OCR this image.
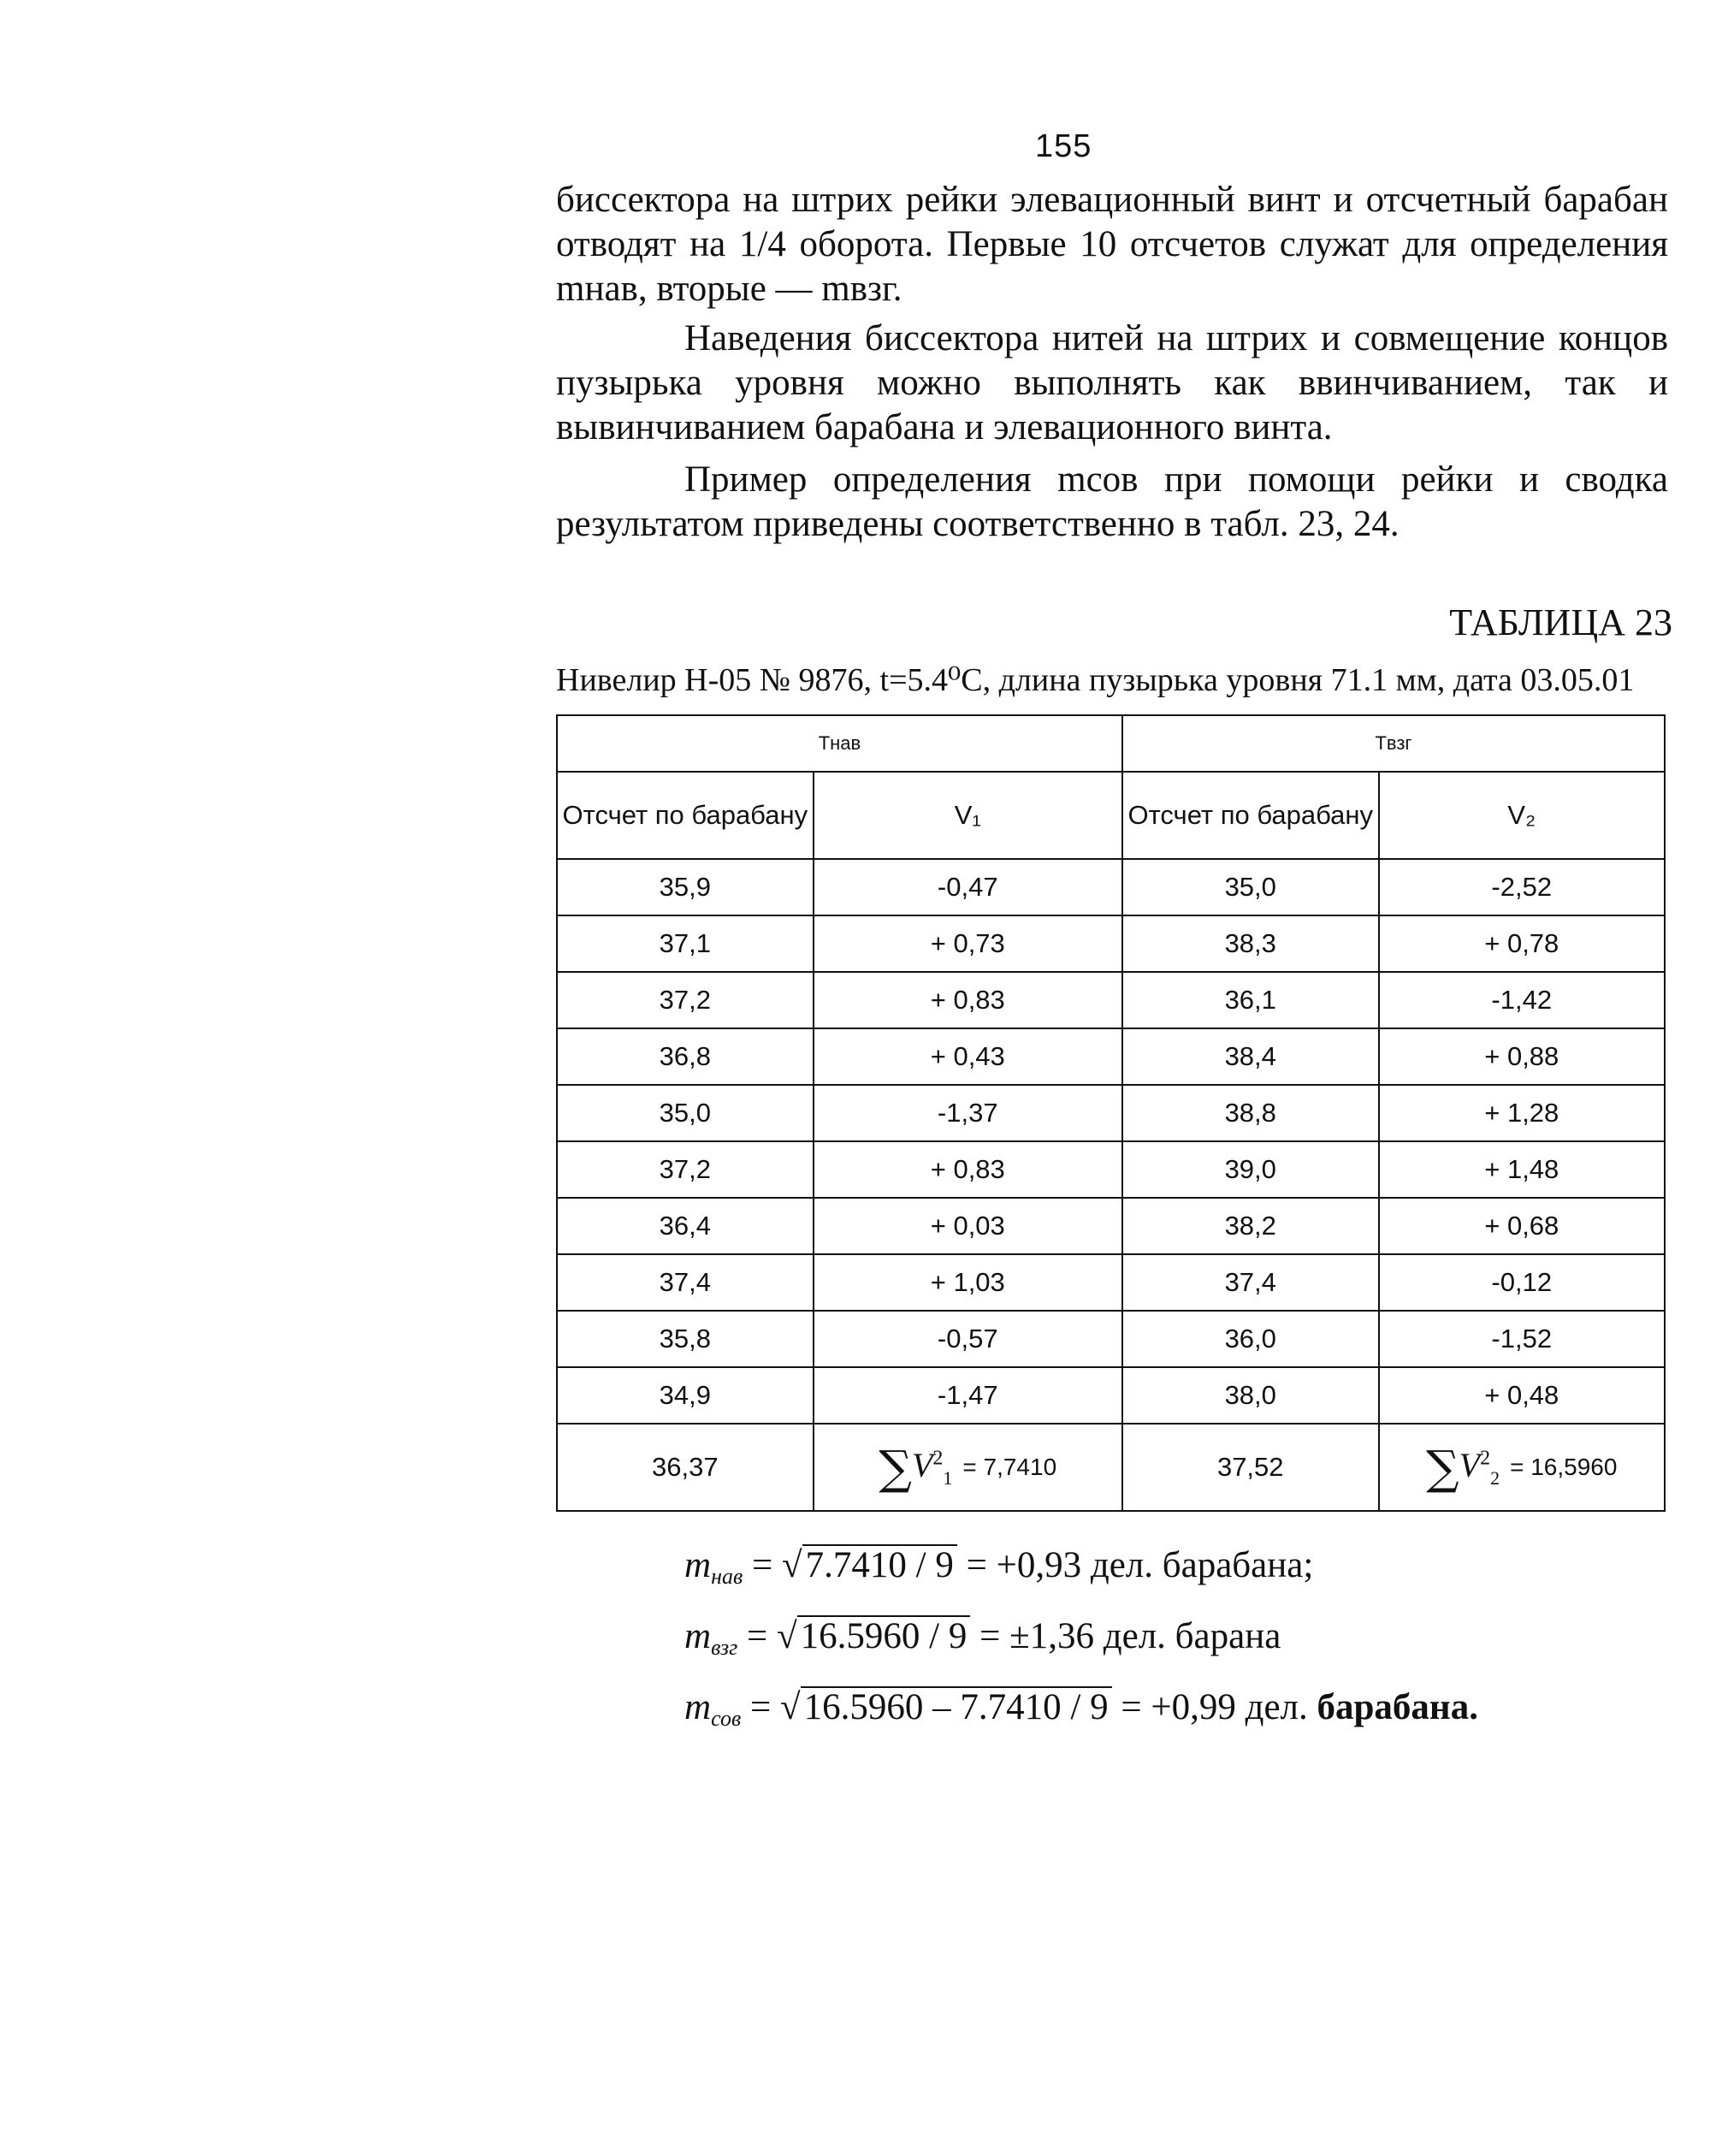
155

биссектора на штрих рейки элевационный винт и отсчетный барабан отводят на 1/4 оборота. Первые 10 отсчетов служат для определения mнав, вторые — mвзг.

Наведения биссектора нитей на штрих и совмещение концов пузырька уровня можно выполнять как ввинчиванием, так и вывинчиванием барабана и элевационного винта.

Пример определения mсов при помощи рейки и сводка результатом приведены соответственно в табл. 23, 24.

ТАБЛИЦА 23
Нивелир Н-05 № 9876, t=5.4⁰C, длина пузырька уровня 71.1 мм, дата 03.05.01
Tнав		Tвзг	
Отсчет по барабану	V₁	Отсчет по барабану	V₂
35,9	-0,47	35,0	-2,52
37,1	+ 0,73	38,3	+ 0,78
37,2	+ 0,83	36,1	-1,42
36,8	+ 0,43	38,4	+ 0,88
35,0	-1,37	38,8	+ 1,28
37,2	+ 0,83	39,0	+ 1,48
36,4	+ 0,03	38,2	+ 0,68
37,4	+ 1,03	37,4	-0,12
35,8	-0,57	36,0	-1,52
34,9	-1,47	38,0	+ 0,48
36,37	$\sum V^2_1 = 7,7410$	37,52	$\sum V^2_2 = 16,5960$
$m_{нав} = √7.7410 / 9 = +0,93$ дел. барабана;
$m_{взг} = √16.5960 / 9 = \pm 1,36$ дел. барана
$m_{сов} = √16.5960 - 7.7410 / 9 = +0,99$ дел. барабана.
